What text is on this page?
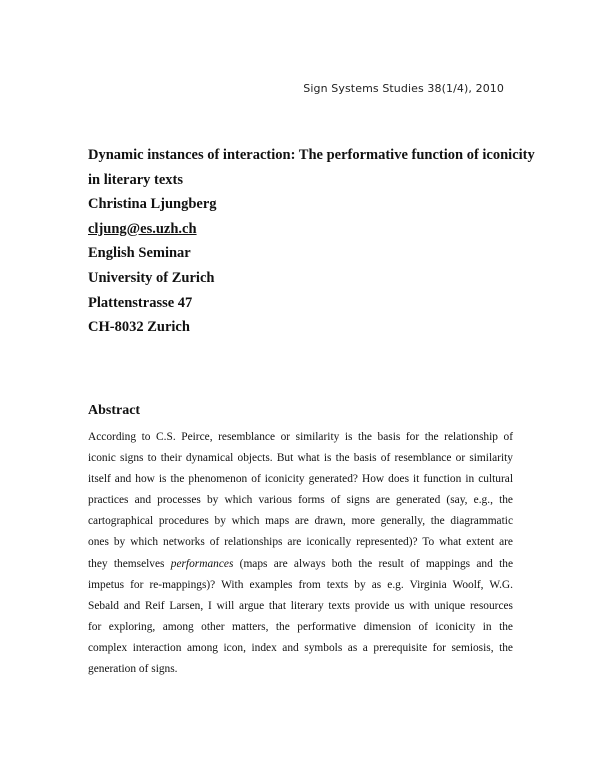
Sign Systems Studies 38(1/4), 2010
Dynamic instances of interaction: The performative function of iconicity
in literary texts
Christina Ljungberg
cljung@es.uzh.ch
English Seminar
University of Zurich
Plattenstrasse 47
CH-8032 Zurich
Abstract
According to C.S. Peirce, resemblance or similarity is the basis for the relationship of
iconic signs to their dynamical objects. But what is the basis of resemblance or similarity
itself and how is the phenomenon of iconicity generated? How does it function in cultural
practices and processes by which various forms of signs are generated (say, e.g., the
cartographical procedures by which maps are drawn, more generally, the diagrammatic
ones by which networks of relationships are iconically represented)? To what extent are
they themselves performances (maps are always both the result of mappings and the
impetus for re-mappings)? With examples from texts by as e.g. Virginia Woolf, W.G.
Sebald and Reif Larsen, I will argue that literary texts provide us with unique resources
for exploring, among other matters, the performative dimension of iconicity in the
complex interaction among icon, index and symbols as a prerequisite for semiosis, the
generation of signs.
